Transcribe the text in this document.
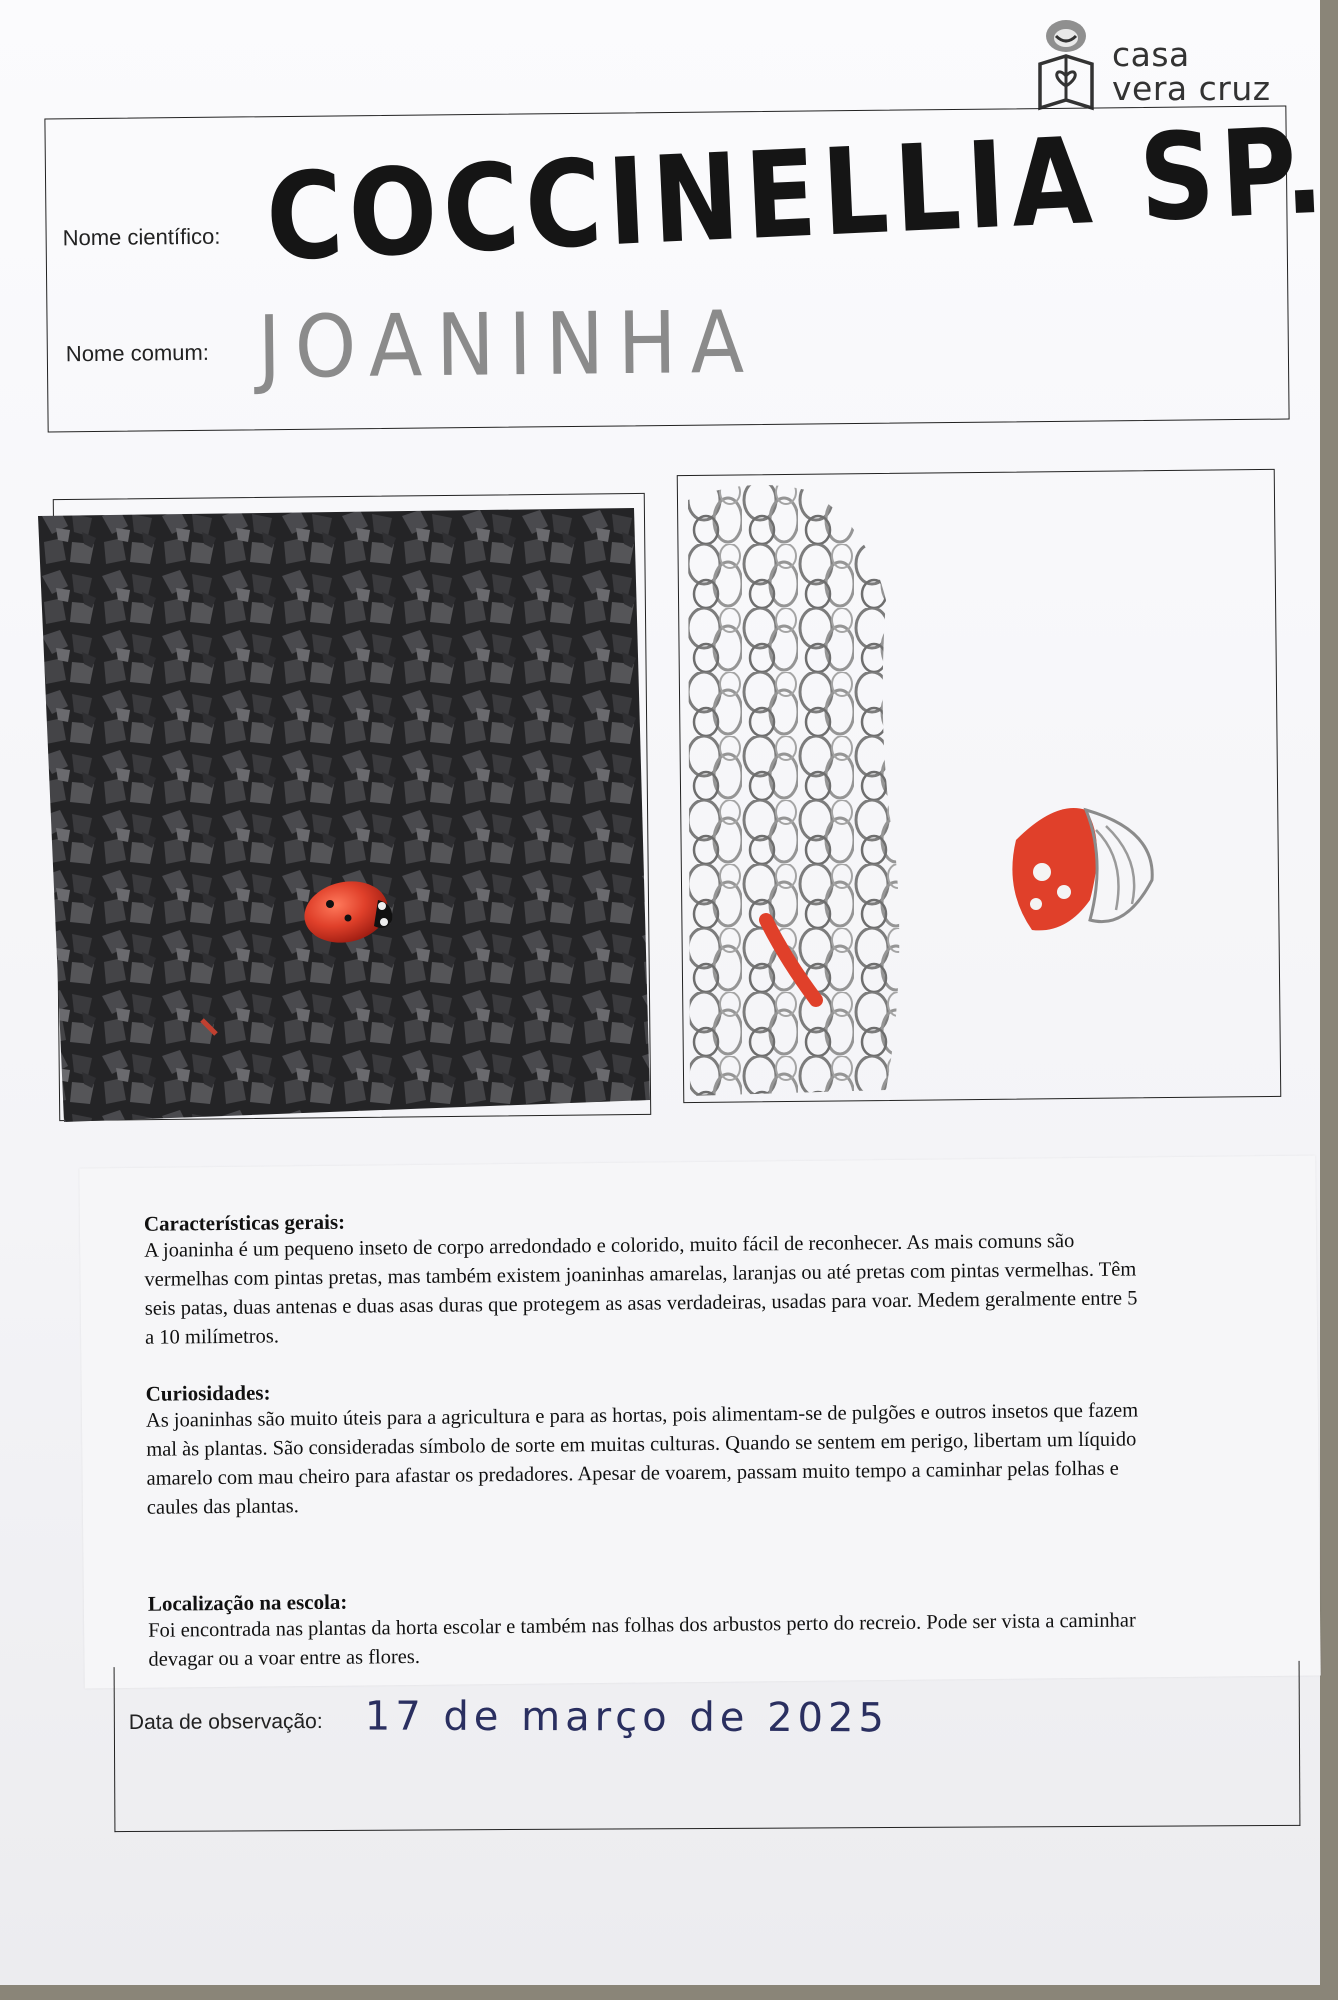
casa
vera cruz
Nome científico: COCCINELLIA SP.
Nome comum: JOANINHA
Características gerais:

A joaninha é um pequeno inseto de corpo arredondado e colorido, muito fácil de reconhecer. As mais comuns são vermelhas com pintas pretas, mas também existem joaninhas amarelas, laranjas ou até pretas com pintas vermelhas. Têm seis patas, duas antenas e duas asas duras que protegem as asas verdadeiras, usadas para voar. Medem geralmente entre 5 a 10 milímetros.

Curiosidades:

As joaninhas são muito úteis para a agricultura e para as hortas, pois alimentam-se de pulgões e outros insetos que fazem mal às plantas. São consideradas símbolo de sorte em muitas culturas. Quando se sentem em perigo, libertam um líquido amarelo com mau cheiro para afastar os predadores. Apesar de voarem, passam muito tempo a caminhar pelas folhas e caules das plantas.

Localização na escola:

Foi encontrada nas plantas da horta escolar e também nas folhas dos arbustos perto do recreio. Pode ser vista a caminhar devagar ou a voar entre as flores.

Data de observação: 17 de março de 2025
